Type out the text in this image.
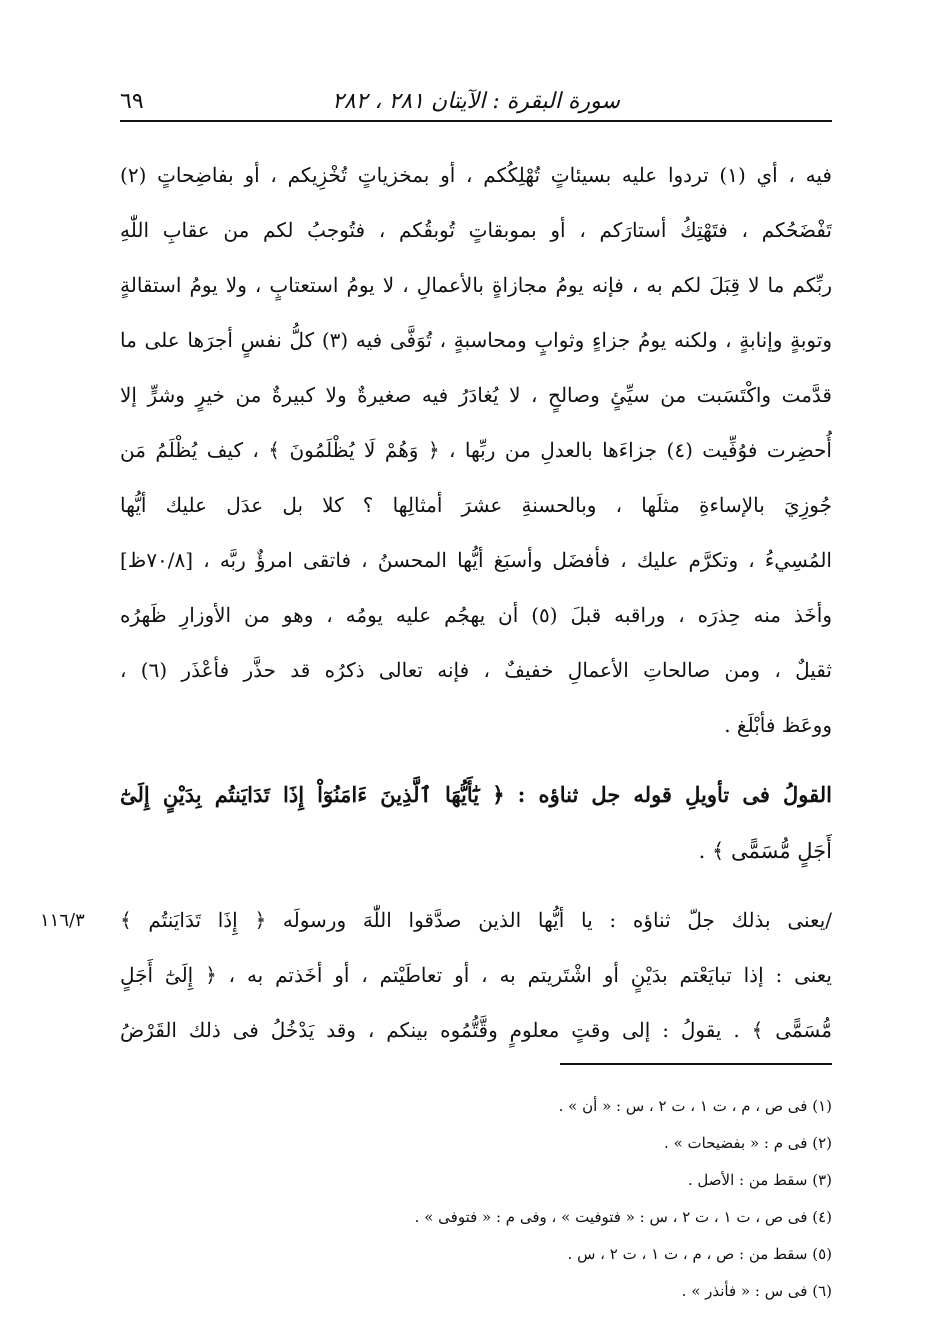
سورة البقرة : الآيتان ٢٨١ ، ٢٨٢
٦٩
فيه ، أي (١) تردوا عليه بسيئاتٍ تُهْلِكُكم ، أو بمخزياتٍ تُخْزِيكم ، أو بفاضِحاتٍ (٢)
تَفْضَحُكم ، فتَهْتِكُ أستارَكم ، أو بموبقاتٍ تُوبقُكم ، فتُوجبُ لكم من عقابِ اللّٰهِ
ربِّكم ما لا قِبَلَ لكم به ، فإنه يومُ مجازاةٍ بالأعمالِ ، لا يومُ استعتابٍ ، ولا يومُ استقالةٍ
وتوبةٍ وإنابةٍ ، ولكنه يومُ جزاءٍ وثوابٍ ومحاسبةٍ ، تُوَفَّى فيه (٣) كلُّ نفسٍ أجرَها على ما
قدَّمت واكْتَسَبت من سيِّئٍ وصالحٍ ، لا يُغادَرُ فيه صغيرةٌ ولا كبيرةٌ من خيرٍ وشرٍّ إلا
أُحضِرت فوُفِّيت (٤) جزاءَها بالعدلِ من ربِّها ، ﴿ وَهُمْ لَا يُظْلَمُونَ ﴾ ، كيف يُظْلَمُ مَن
جُوزِيَ بالإساءةِ مثلَها ، وبالحسنةِ عشرَ أمثالِها ؟ كلا بل عدَل عليك أيُّها
المُسِيءُ ، وتكرَّم عليك ، فأفضَل وأسبَغ أيُّها المحسنُ ، فاتقى امرؤٌ ربَّه ، [٧٠/٨ظ]
وأخَذ منه حِذرَه ، وراقبه قبلَ (٥) أن يهجُم عليه يومُه ، وهو من الأوزارِ ظَهرُه
ثقيلٌ ، ومن صالحاتِ الأعمالِ خفيفٌ ، فإنه تعالى ذكرُه قد حذَّر فأعْذَر (٦) ،
ووعَظ فأبْلَغ .
القولُ فى تأويلِ قوله جل ثناؤه : ﴿ يَٰٓأَيُّهَا ٱلَّذِينَ ءَامَنُوٓاْ إِذَا تَدَايَنتُم بِدَيْنٍ إِلَىٰٓ
أَجَلٍ مُّسَمًّى ﴾ .
/يعنى بذلك جلّ ثناؤه : يا أيُّها الذين صدَّقوا اللّٰهَ ورسولَه ﴿ إِذَا تَدَايَنتُم ﴾
١١٦/٣
يعنى : إذا تبايَعْتم بدَيْنٍ أو اشْتَريتم به ، أو تعاطَيْتم ، أو أخَذتم به ، ﴿ إِلَىٰٓ أَجَلٍ
مُّسَمًّى ﴾ . يقولُ : إلى وقتٍ معلومٍ وقَّتُّمُوه بينكم ، وقد يَدْخُلُ فى ذلك القَرْضُ
(١) فى ص ، م ، ت ١ ، ت ٢ ، س : « أن » .
(٢) فى م : « بفضيحات » .
(٣) سقط من : الأصل .
(٤) فى ص ، ت ١ ، ت ٢ ، س : « فتوفيت » ، وفى م : « فتوفى » .
(٥) سقط من : ص ، م ، ت ١ ، ت ٢ ، س .
(٦) فى س : « فأنذر » .
